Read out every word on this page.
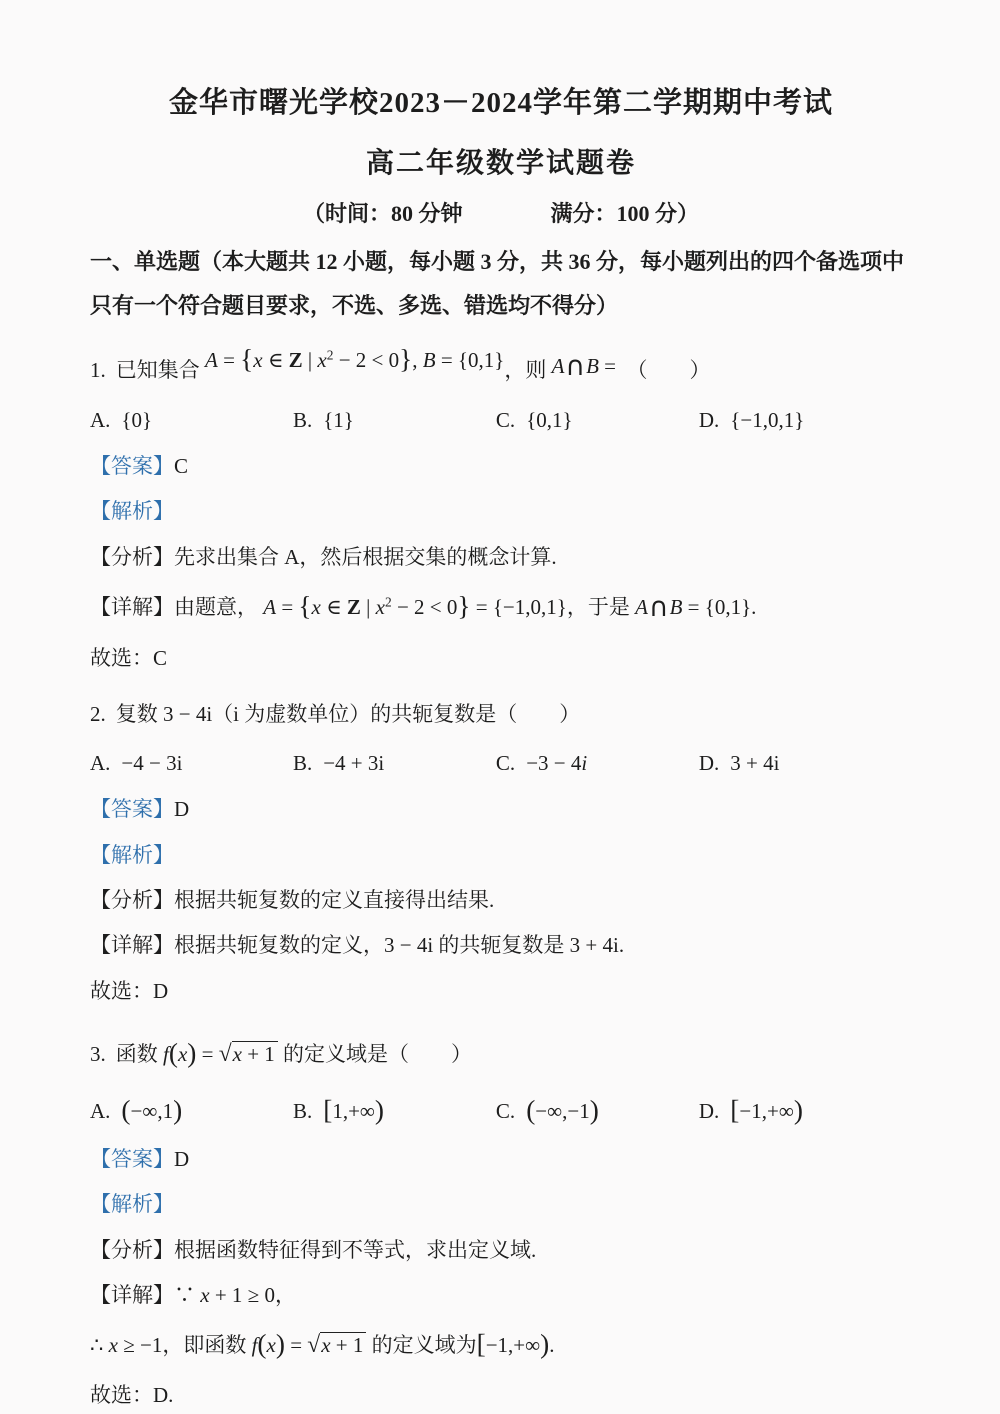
金华市曙光学校2023－2024学年第二学期期中考试

高二年级数学试题卷

（时间：80 分钟　　　　满分：100 分）

一、单选题（本大题共 12 小题，每小题 3 分，共 36 分，每小题列出的四个备选项中只有一个符合题目要求，不选、多选、错选均不得分）

1. 已知集合 A = {x ∈ Z | $x^2 - 2 < 0$}, B = {0,1}，则 A∩B =　（　　）

A. {0}	B. {1}	C. {0,1}	D. {−1,0,1}

【答案】C

【解析】

【分析】先求出集合 A，然后根据交集的概念计算.

【详解】由题意， A = {x ∈ Z | $x^2 - 2 < 0\} = \{-1,0,1\}$，于是 A∩B = {0,1}.

故选：C

2. 复数 3 − 4i（i 为虚数单位）的共轭复数是（　　）

A. −4 − 3i	B. −4 + 3i	C. −3 − 4i	D. 3 + 4i

【答案】D

【解析】

【分析】根据共轭复数的定义直接得出结果.

【详解】根据共轭复数的定义，3 − 4i 的共轭复数是 3 + 4i.

故选：D

3. 函数 f(x) = √x + 1 的定义域是（　　）

A. (−∞,1)	B. [1,+∞)	C. (−∞,−1)	D. [−1,+∞)

【答案】D

【解析】

【分析】根据函数特征得到不等式，求出定义域.

【详解】∵ x + 1 ≥ 0，

∴ x ≥ −1，即函数 f(x) = √x + 1 的定义域为[−1,+∞).

故选：D.
